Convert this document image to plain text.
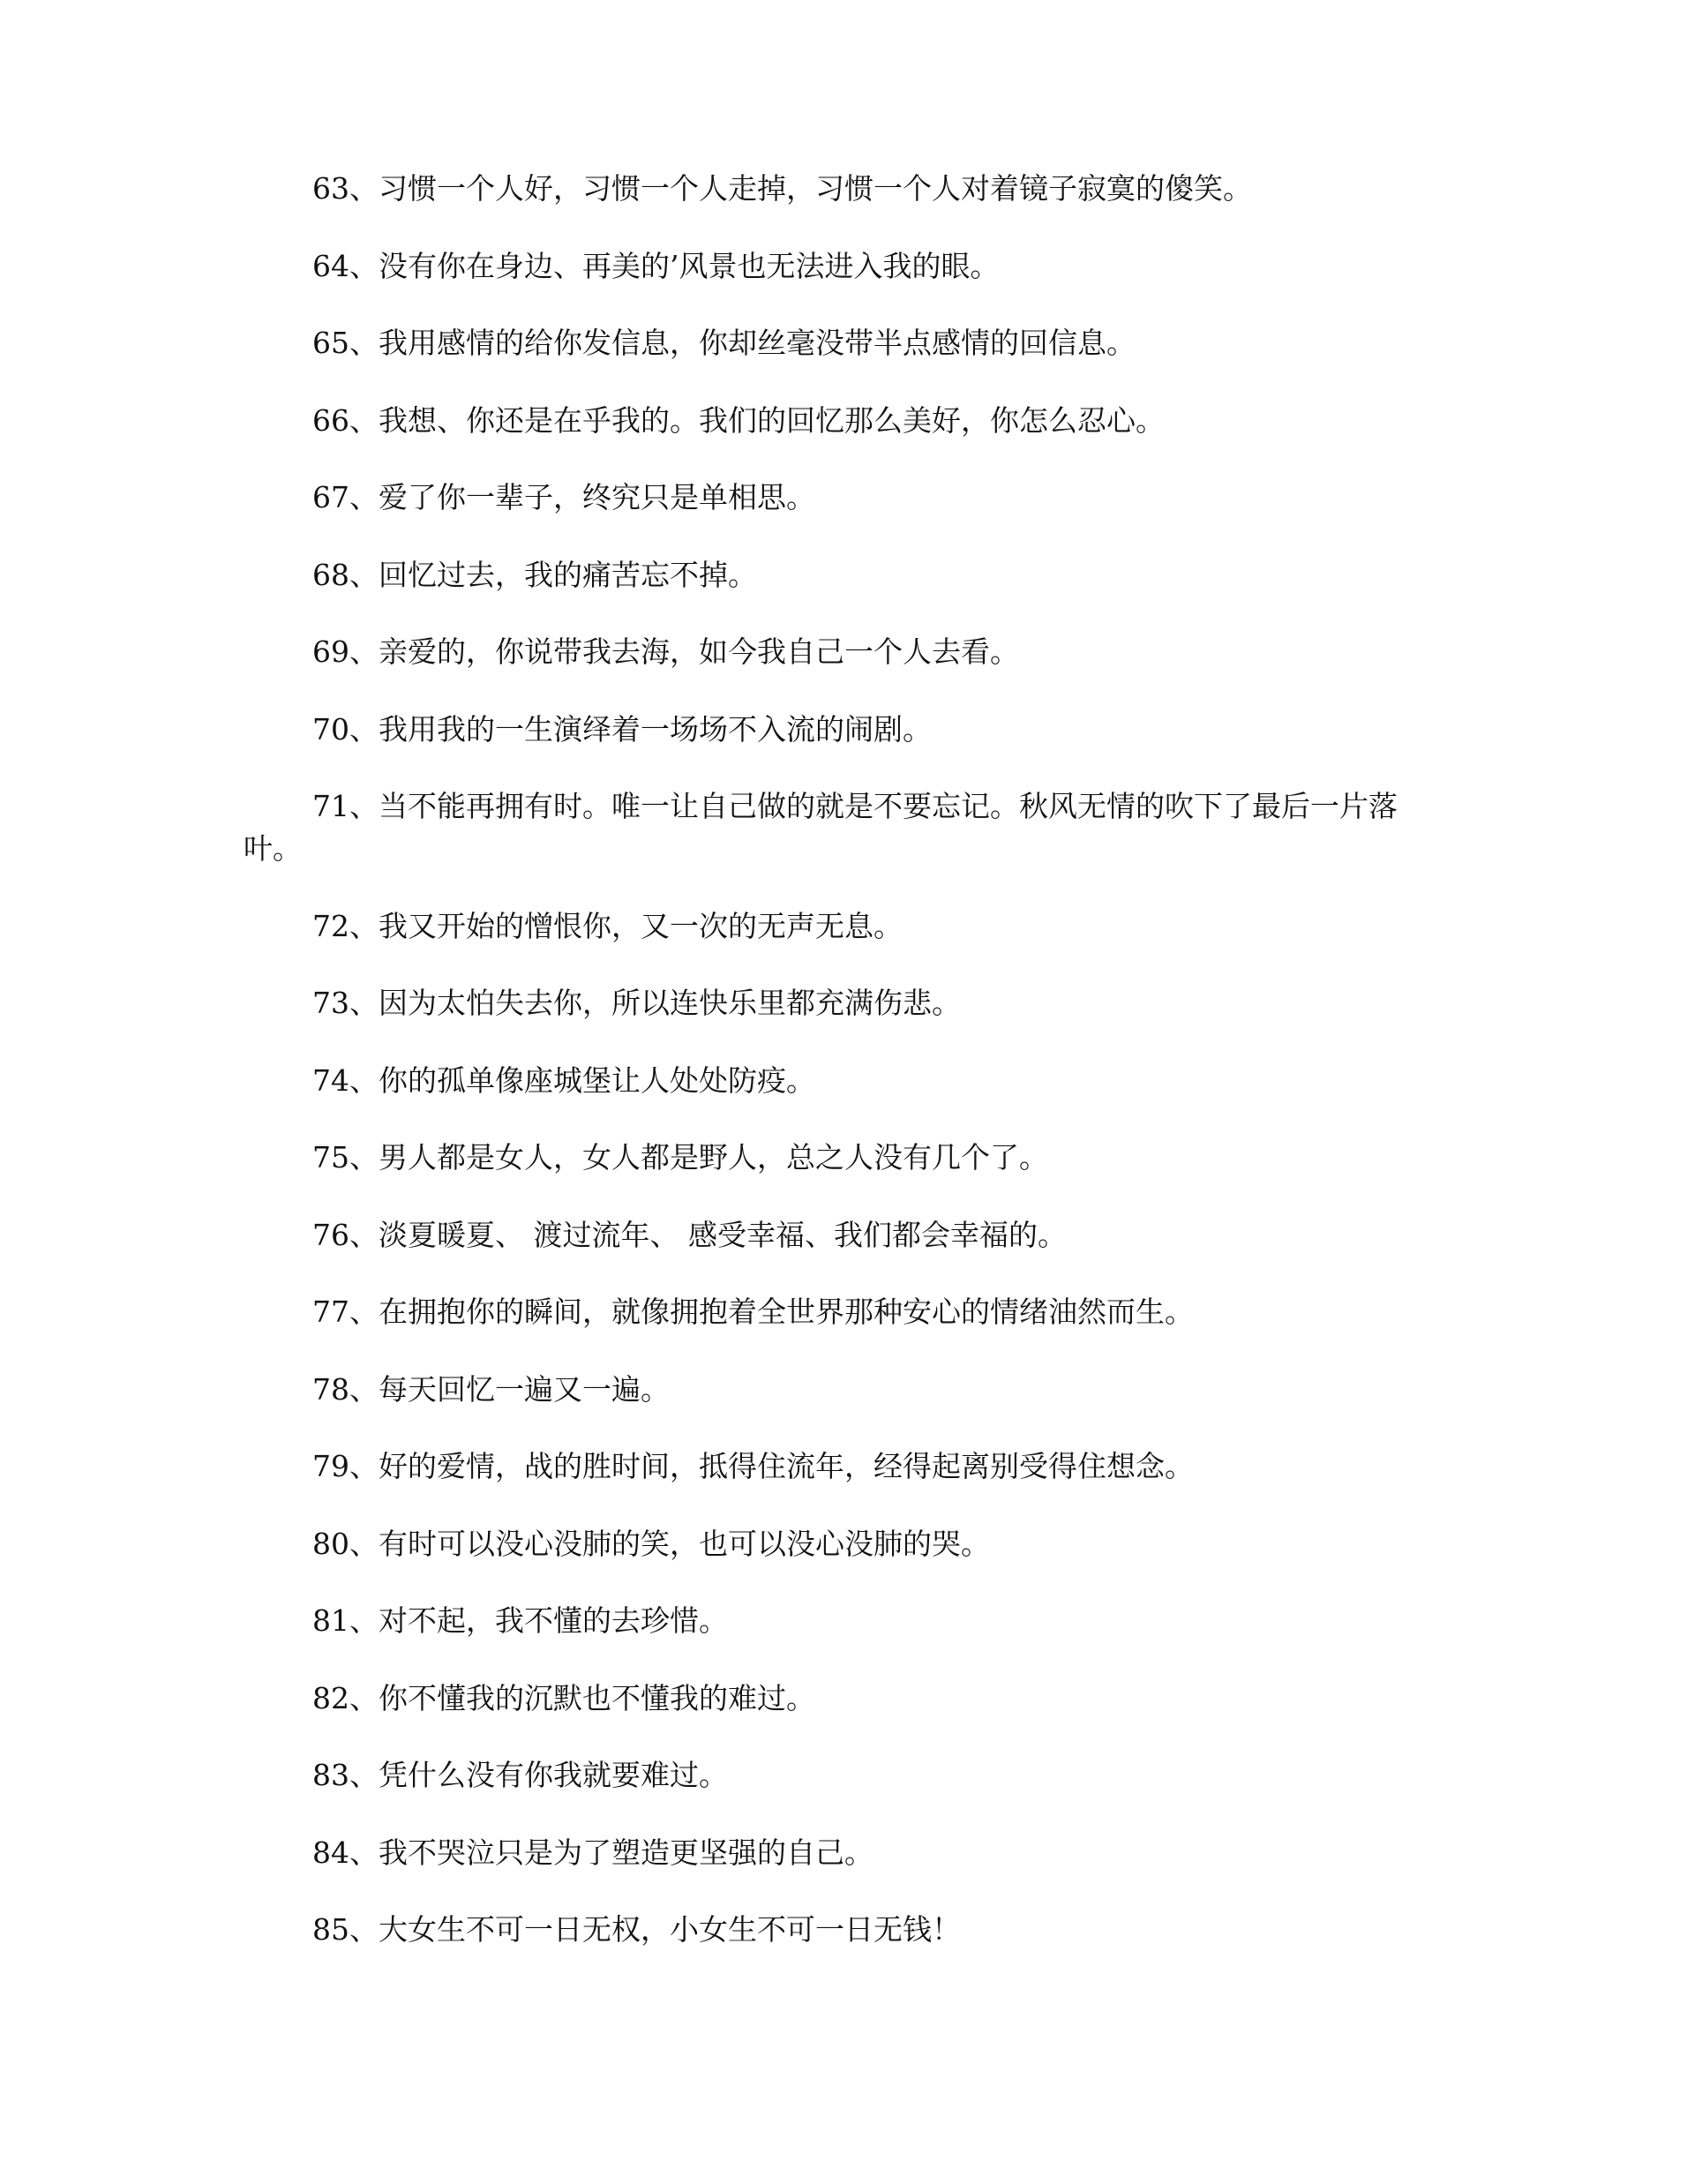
63、习惯一个人好，习惯一个人走掉，习惯一个人对着镜子寂寞的傻笑。

64、没有你在身边、再美的’风景也无法进入我的眼。

65、我用感情的给你发信息，你却丝毫没带半点感情的回信息。

66、我想、你还是在乎我的。我们的回忆那么美好，你怎么忍心。

67、爱了你一辈子，终究只是单相思。

68、回忆过去，我的痛苦忘不掉。

69、亲爱的，你说带我去海，如今我自己一个人去看。

70、我用我的一生演绎着一场场不入流的闹剧。

71、当不能再拥有时。唯一让自己做的就是不要忘记。秋风无情的吹下了最后一片落叶。

72、我又开始的憎恨你，又一次的无声无息。

73、因为太怕失去你，所以连快乐里都充满伤悲。

74、你的孤单像座城堡让人处处防疫。

75、男人都是女人，女人都是野人，总之人没有几个了。

76、淡夏暖夏、 渡过流年、 感受幸福、我们都会幸福的。

77、在拥抱你的瞬间，就像拥抱着全世界那种安心的情绪油然而生。

78、每天回忆一遍又一遍。

79、好的爱情，战的胜时间，抵得住流年，经得起离别受得住想念。

80、有时可以没心没肺的笑，也可以没心没肺的哭。

81、对不起，我不懂的去珍惜。

82、你不懂我的沉默也不懂我的难过。

83、凭什么没有你我就要难过。

84、我不哭泣只是为了塑造更坚强的自己。

85、大女生不可一日无权，小女生不可一日无钱！
